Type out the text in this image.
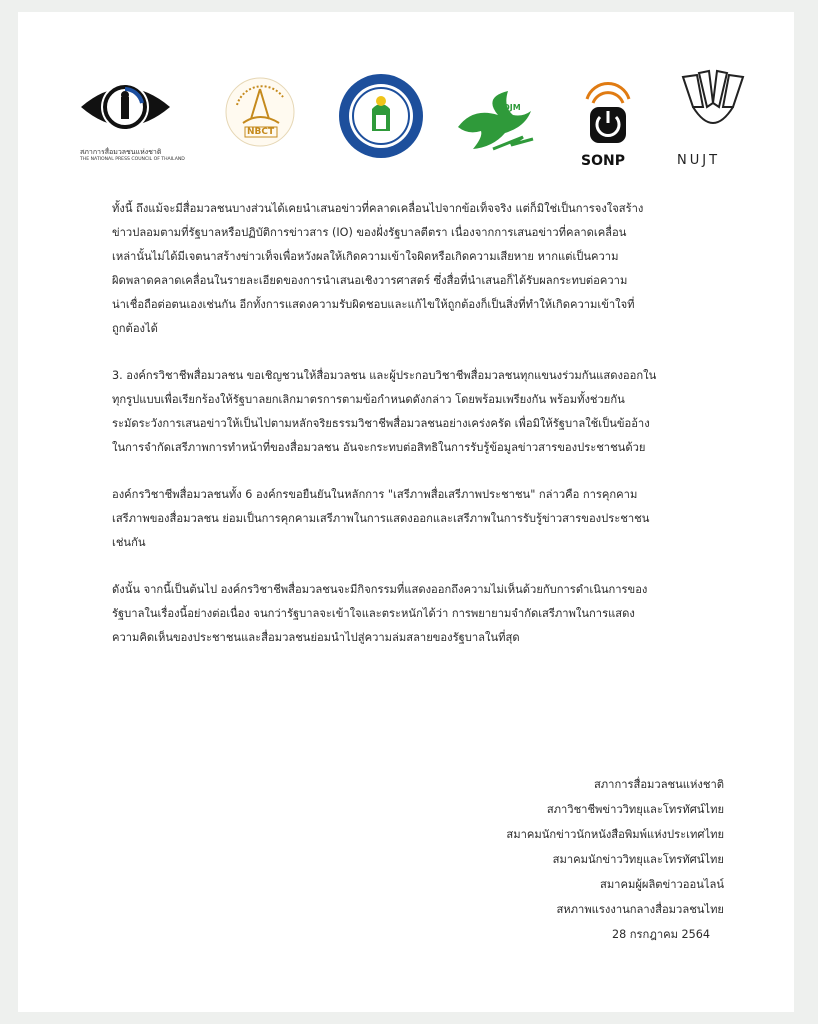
สภาการสื่อมวลชนแห่งชาติ
THE NATIONAL PRESS COUNCIL OF THAILAND
NBCT
OJM
SONP	NUJT
ทั้งนี้ ถึงแม้จะมีสื่อมวลชนบางส่วนได้เคยนำเสนอข่าวที่คลาดเคลื่อนไปจากข้อเท็จจริง แต่ก็มิใช่เป็นการจงใจสร้าง
ข่าวปลอมตามที่รัฐบาลหรือปฏิบัติการข่าวสาร (IO) ของฝั่งรัฐบาลตีตรา เนื่องจากการเสนอข่าวที่คลาดเคลื่อน
เหล่านั้นไม่ได้มีเจตนาสร้างข่าวเท็จเพื่อหวังผลให้เกิดความเข้าใจผิดหรือเกิดความเสียหาย หากแต่เป็นความ
ผิดพลาดคลาดเคลื่อนในรายละเอียดของการนำเสนอเชิงวารศาสตร์ ซึ่งสื่อที่นำเสนอก็ได้รับผลกระทบต่อความ
น่าเชื่อถือต่อตนเองเช่นกัน อีกทั้งการแสดงความรับผิดชอบและแก้ไขให้ถูกต้องก็เป็นสิ่งที่ทำให้เกิดความเข้าใจที่
ถูกต้องได้
3. องค์กรวิชาชีพสื่อมวลชน ขอเชิญชวนให้สื่อมวลชน และผู้ประกอบวิชาชีพสื่อมวลชนทุกแขนงร่วมกันแสดงออกใน
ทุกรูปแบบเพื่อเรียกร้องให้รัฐบาลยกเลิกมาตรการตามข้อกำหนดดังกล่าว โดยพร้อมเพรียงกัน พร้อมทั้งช่วยกัน
ระมัดระวังการเสนอข่าวให้เป็นไปตามหลักจริยธรรมวิชาชีพสื่อมวลชนอย่างเคร่งครัด เพื่อมิให้รัฐบาลใช้เป็นข้ออ้าง
ในการจำกัดเสรีภาพการทำหน้าที่ของสื่อมวลชน อันจะกระทบต่อสิทธิในการรับรู้ข้อมูลข่าวสารของประชาชนด้วย
องค์กรวิชาชีพสื่อมวลชนทั้ง 6 องค์กรขอยืนยันในหลักการ "เสรีภาพสื่อเสรีภาพประชาชน" กล่าวคือ การคุกคาม
เสรีภาพของสื่อมวลชน ย่อมเป็นการคุกคามเสรีภาพในการแสดงออกและเสรีภาพในการรับรู้ข่าวสารของประชาชน
เช่นกัน
ดังนั้น จากนี้เป็นต้นไป องค์กรวิชาชีพสื่อมวลชนจะมีกิจกรรมที่แสดงออกถึงความไม่เห็นด้วยกับการดำเนินการของ
รัฐบาลในเรื่องนี้อย่างต่อเนื่อง จนกว่ารัฐบาลจะเข้าใจและตระหนักได้ว่า การพยายามจำกัดเสรีภาพในการแสดง
ความคิดเห็นของประชาชนและสื่อมวลชนย่อมนำไปสู่ความล่มสลายของรัฐบาลในที่สุด
สภาการสื่อมวลชนแห่งชาติ
สภาวิชาชีพข่าววิทยุและโทรทัศน์ไทย
สมาคมนักข่าวนักหนังสือพิมพ์แห่งประเทศไทย
สมาคมนักข่าววิทยุและโทรทัศน์ไทย
สมาคมผู้ผลิตข่าวออนไลน์
สหภาพแรงงานกลางสื่อมวลชนไทย
28 กรกฎาคม 2564
